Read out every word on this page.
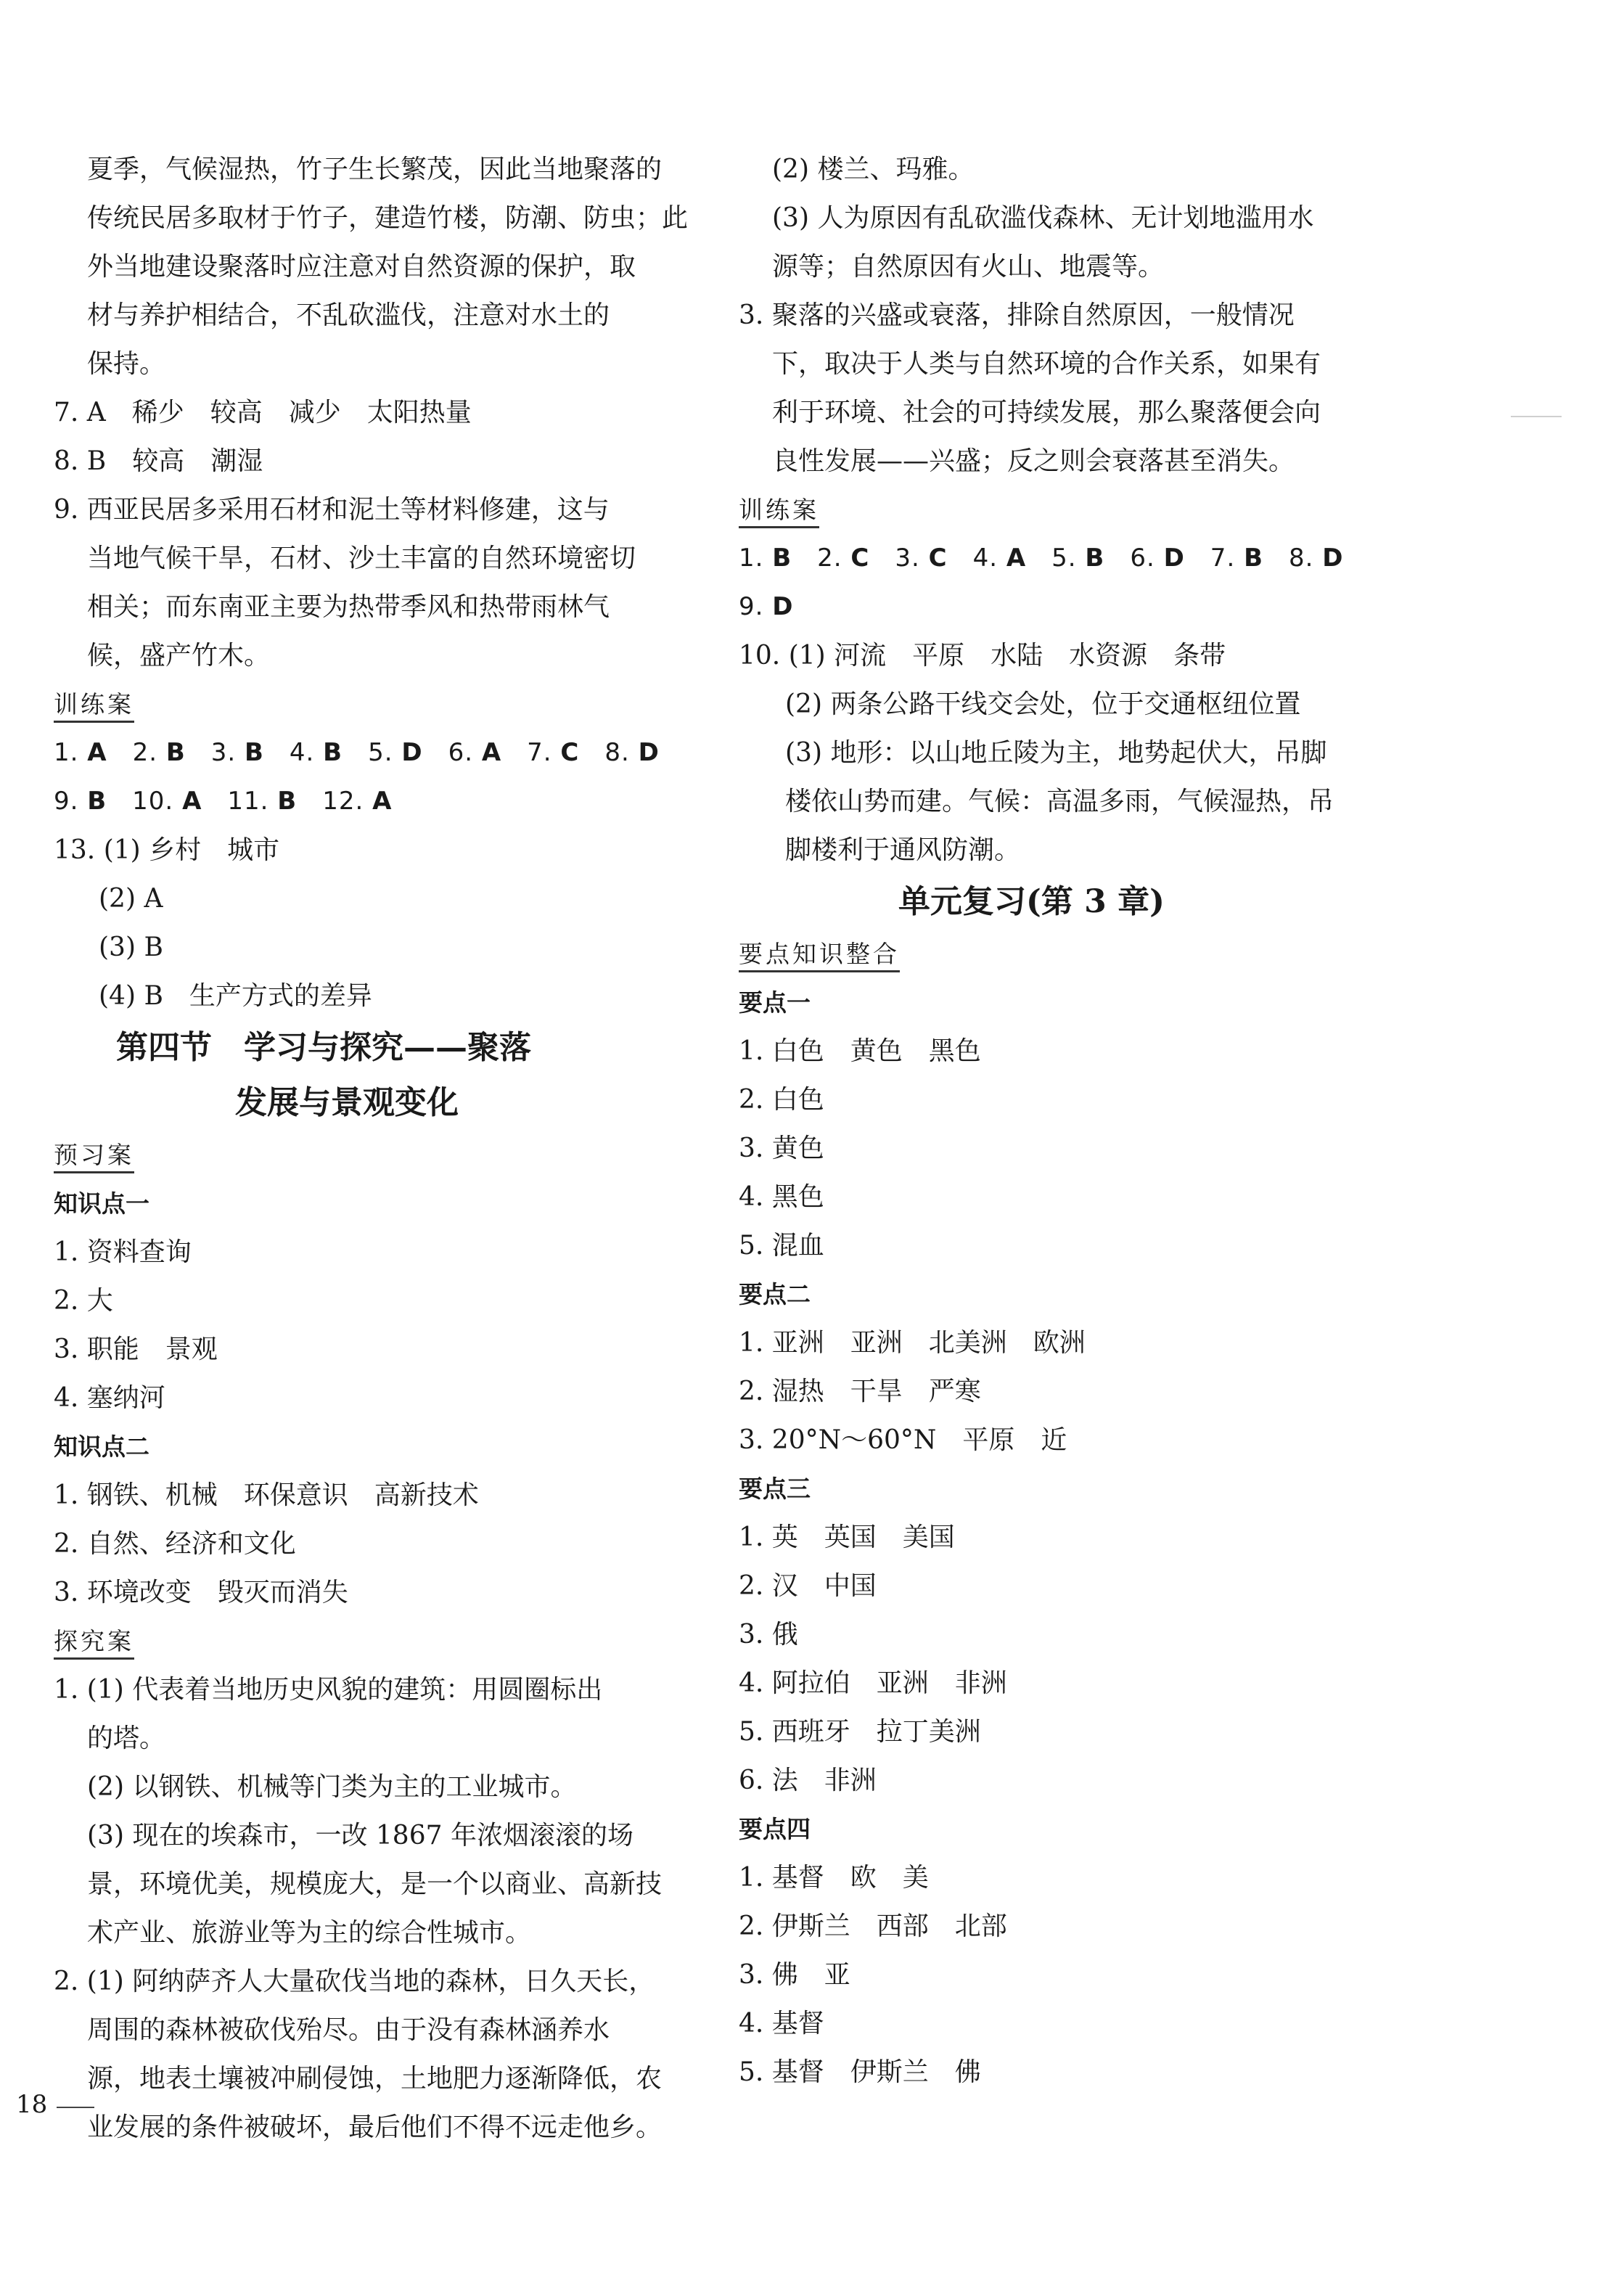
夏季，气候湿热，竹子生长繁茂，因此当地聚落的
传统民居多取材于竹子，建造竹楼，防潮、防虫；此
外当地建设聚落时应注意对自然资源的保护，取
材与养护相结合，不乱砍滥伐，注意对水土的
保持。
7. A　稀少　较高　减少　太阳热量
8. B　较高　潮湿
9. 西亚民居多采用石材和泥土等材料修建，这与
当地气候干旱，石材、沙土丰富的自然环境密切
相关；而东南亚主要为热带季风和热带雨林气
候，盛产竹木。
训练案
1. A　2. B　3. B　4. B　5. D　6. A　7. C　8. D
9. B　10. A　11. B　12. A
13. (1) 乡村　城市
(2) A
(3) B
(4) B　生产方式的差异
第四节　学习与探究——聚落
发展与景观变化
预习案
知识点一
1. 资料查询
2. 大
3. 职能　景观
4. 塞纳河
知识点二
1. 钢铁、机械　环保意识　高新技术
2. 自然、经济和文化
3. 环境改变　毁灭而消失
探究案
1. (1) 代表着当地历史风貌的建筑：用圆圈标出
的塔。
(2) 以钢铁、机械等门类为主的工业城市。
(3) 现在的埃森市，一改 1867 年浓烟滚滚的场
景，环境优美，规模庞大，是一个以商业、高新技
术产业、旅游业等为主的综合性城市。
2. (1) 阿纳萨齐人大量砍伐当地的森林，日久天长，
周围的森林被砍伐殆尽。由于没有森林涵养水
源，地表土壤被冲刷侵蚀，土地肥力逐渐降低，农
业发展的条件被破坏，最后他们不得不远走他乡。
(2) 楼兰、玛雅。
(3) 人为原因有乱砍滥伐森林、无计划地滥用水
源等；自然原因有火山、地震等。
3. 聚落的兴盛或衰落，排除自然原因，一般情况
下，取决于人类与自然环境的合作关系，如果有
利于环境、社会的可持续发展，那么聚落便会向
良性发展——兴盛；反之则会衰落甚至消失。
训练案
1. B　2. C　3. C　4. A　5. B　6. D　7. B　8. D
9. D
10. (1) 河流　平原　水陆　水资源　条带
(2) 两条公路干线交会处，位于交通枢纽位置
(3) 地形：以山地丘陵为主，地势起伏大，吊脚
楼依山势而建。气候：高温多雨，气候湿热，吊
脚楼利于通风防潮。
单元复习(第 3 章)
要点知识整合
要点一
1. 白色　黄色　黑色
2. 白色
3. 黄色
4. 黑色
5. 混血
要点二
1. 亚洲　亚洲　北美洲　欧洲
2. 湿热　干旱　严寒
3. 20°N～60°N　平原　近
要点三
1. 英　英国　美国
2. 汉　中国
3. 俄
4. 阿拉伯　亚洲　非洲
5. 西班牙　拉丁美洲
6. 法　非洲
要点四
1. 基督　欧　美
2. 伊斯兰　西部　北部
3. 佛　亚
4. 基督
5. 基督　伊斯兰　佛
18
